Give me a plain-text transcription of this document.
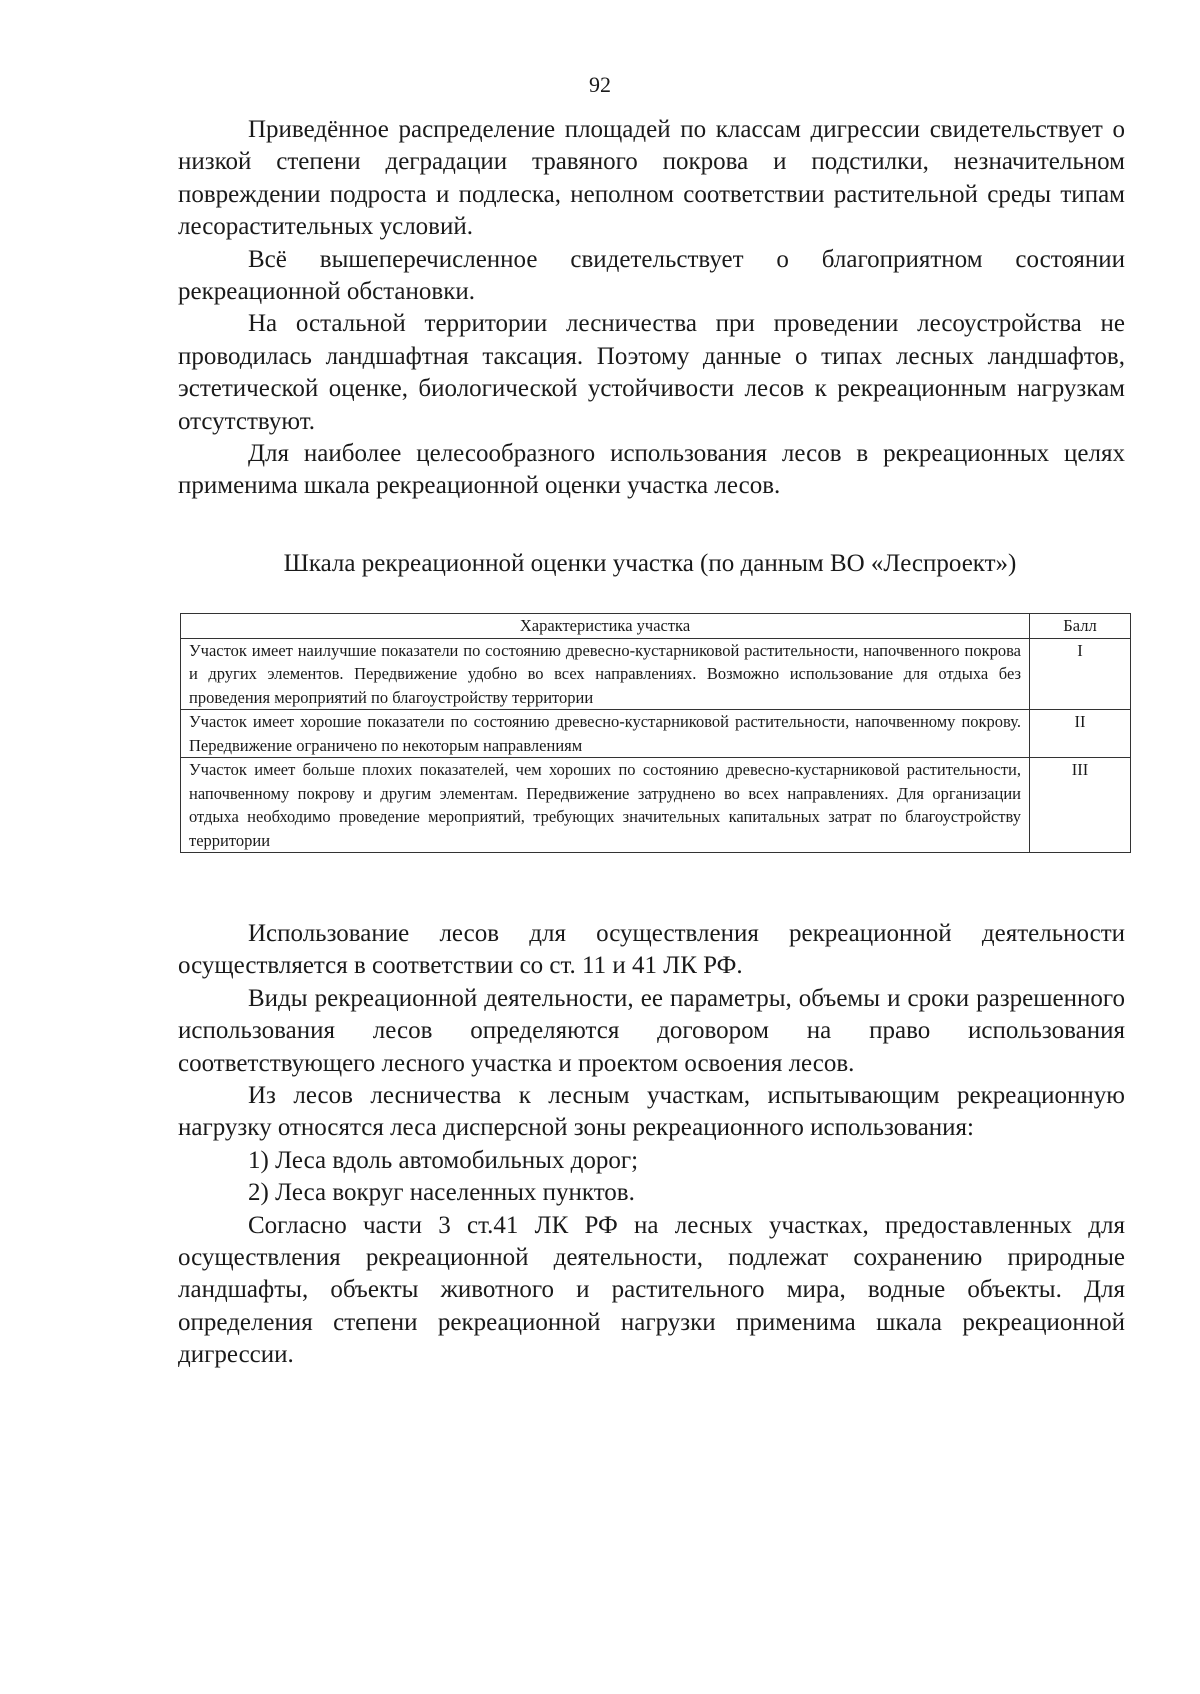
92

Приведённое распределение площадей по классам дигрессии свидетельствует о низкой степени деградации травяного покрова и подстилки, незначительном повреждении подроста и подлеска, неполном соответствии растительной среды типам лесорастительных условий.

Всё вышеперечисленное свидетельствует о благоприятном состоянии рекреационной обстановки.

На остальной территории лесничества при проведении лесоустройства не проводилась ландшафтная таксация. Поэтому данные о типах лесных ландшафтов, эстетической оценке, биологической устойчивости лесов к рекреационным нагрузкам отсутствуют.

Для наиболее целесообразного использования лесов в рекреационных целях применима шкала рекреационной оценки участка лесов.

Шкала рекреационной оценки участка (по данным ВО «Леспроект»)
Характеристика участка	Балл
Участок имеет наилучшие показатели по состоянию древесно-кустарниковой растительности, напочвенного покрова и других элементов. Передвижение удобно во всех направлениях. Возможно использование для отдыха без проведения мероприятий по благоустройству территории	I
Участок имеет хорошие показатели по состоянию древесно-кустарниковой растительности, напочвенному покрову. Передвижение ограничено по некоторым направлениям	II
Участок имеет больше плохих показателей, чем хороших по состоянию древесно-кустарниковой растительности, напочвенному покрову и другим элементам. Передвижение затруднено во всех направлениях. Для организации отдыха необходимо проведение мероприятий, требующих значительных капитальных затрат по благоустройству территории	III

Использование лесов для осуществления рекреационной деятельности осуществляется в соответствии со ст. 11 и 41 ЛК РФ.

Виды рекреационной деятельности, ее параметры, объемы и сроки разрешенного использования лесов определяются договором на право использования соответствующего лесного участка и проектом освоения лесов.

Из лесов лесничества к лесным участкам, испытывающим рекреационную нагрузку относятся леса дисперсной зоны рекреационного использования:

1) Леса вдоль автомобильных дорог;

2) Леса вокруг населенных пунктов.

Согласно части 3 ст.41 ЛК РФ на лесных участках, предоставленных для осуществления рекреационной деятельности, подлежат сохранению природные ландшафты, объекты животного и растительного мира, водные объекты. Для определения степени рекреационной нагрузки применима шкала рекреационной дигрессии.
